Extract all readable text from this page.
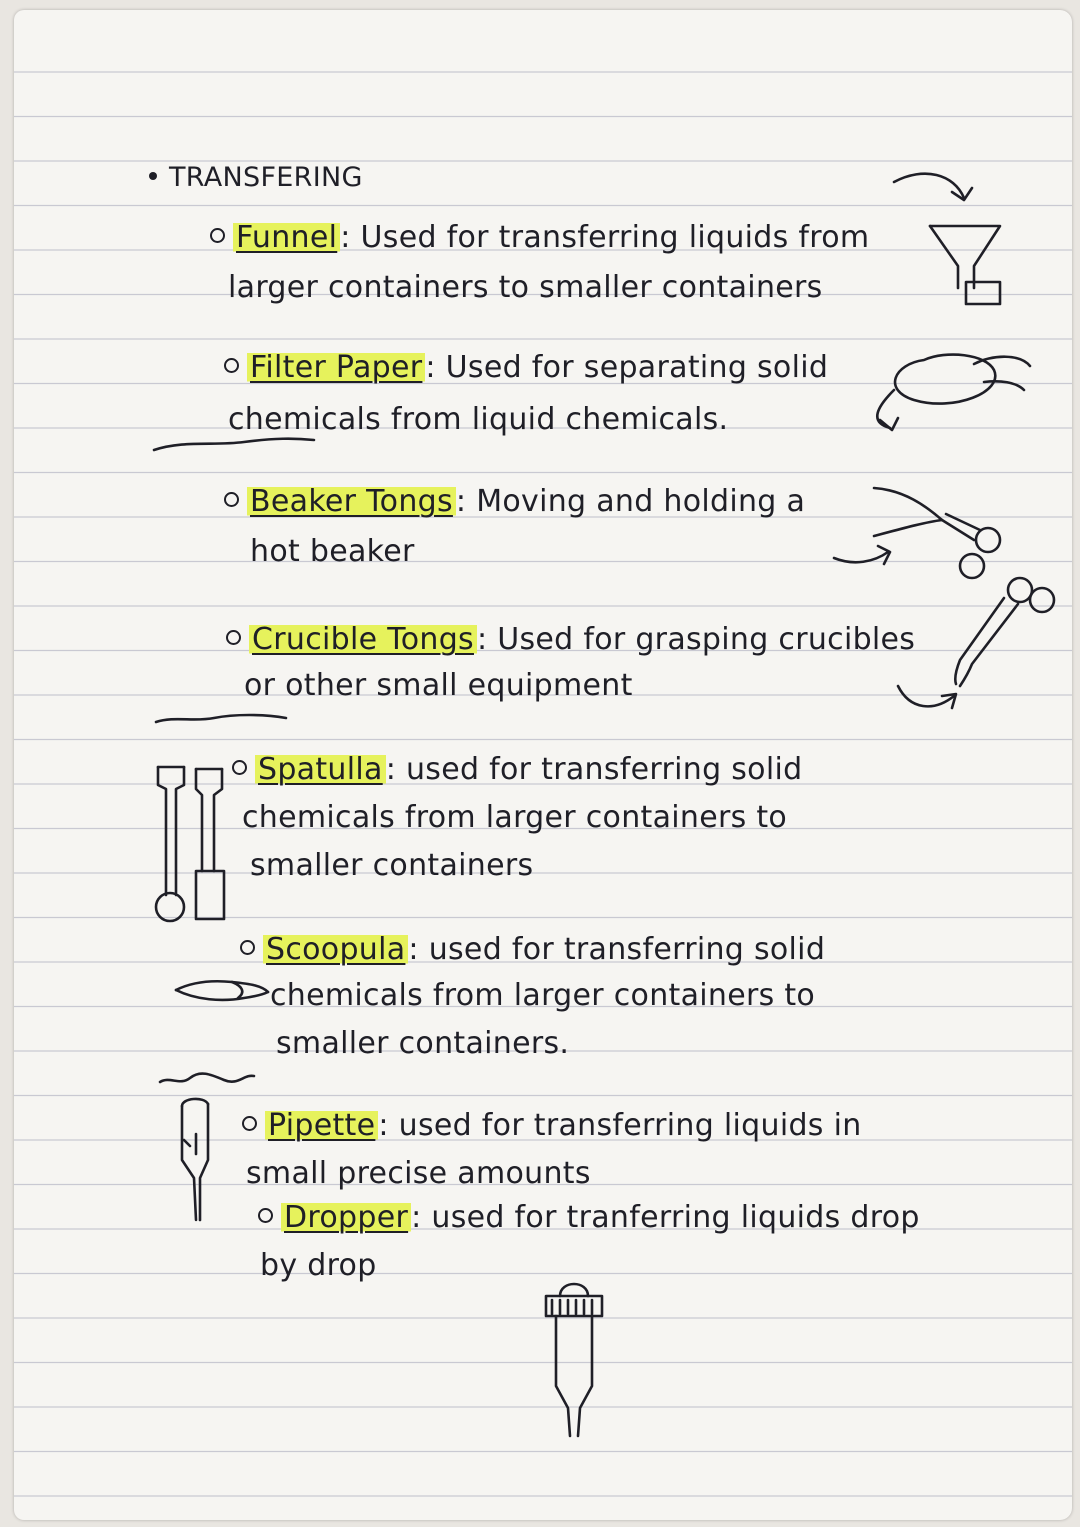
TRANSFERING
Funnel : Used for transferring liquids from
larger containers to smaller containers
Filter Paper : Used for separating solid
chemicals from liquid chemicals.
Beaker Tongs : Moving and holding a
hot beaker
Crucible Tongs : Used for grasping crucibles
or other small equipment
Spatulla : used for transferring solid
chemicals from larger containers to
smaller containers
Scoopula : used for transferring solid
chemicals from larger containers to
smaller containers.
Pipette : used for transferring liquids in
small precise amounts
Dropper : used for tranferring liquids drop
by drop
